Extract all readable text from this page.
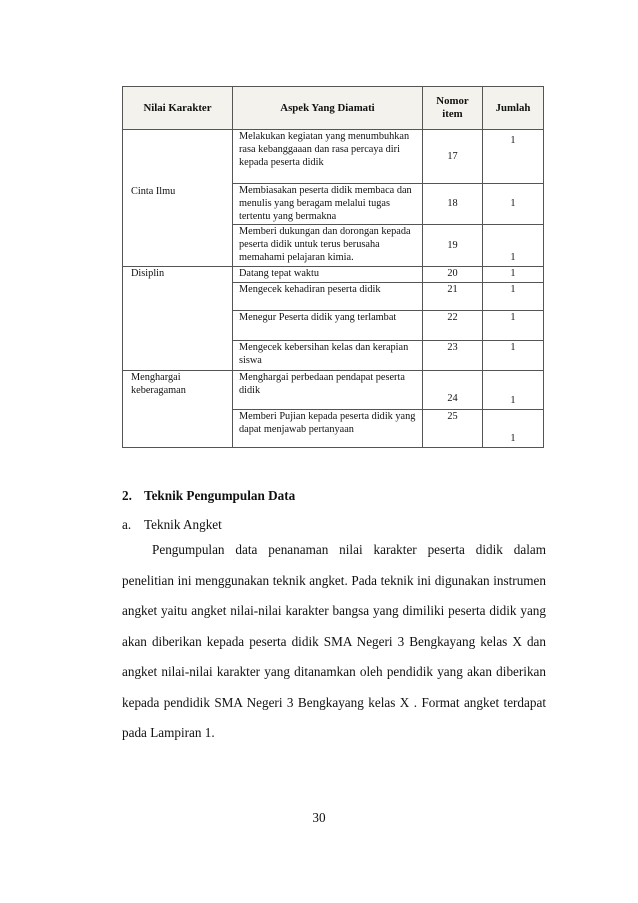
Nilai Karakter	Aspek Yang Diamati	Nomor item	Jumlah
	Melakukan kegiatan yang menumbuhkan rasa kebanggaaan dan rasa percaya diri kepada peserta didik	17	1
Cinta Ilmu	Membiasakan peserta didik membaca dan menulis yang beragam melalui tugas tertentu yang bermakna	18	1
	Memberi dukungan dan dorongan kepada peserta didik untuk terus berusaha memahami pelajaran kimia.	19	1
Disiplin	Datang tepat waktu	20	1
	Mengecek kehadiran peserta didik	21	1
	Menegur Peserta didik yang terlambat	22	1
	Mengecek kebersihan kelas dan kerapian siswa	23	1
Menghargai keberagaman	Menghargai perbedaan pendapat peserta didik	24	1
	Memberi Pujian kepada peserta didik yang dapat menjawab pertanyaan	25	1
2. Teknik Pengumpulan Data
a. Teknik Angket
Pengumpulan data penanaman nilai karakter peserta didik dalam
penelitian ini menggunakan teknik angket. Pada teknik ini digunakan instrumen
angket yaitu angket nilai-nilai karakter bangsa yang dimiliki peserta didik yang
akan diberikan kepada peserta didik SMA Negeri 3 Bengkayang kelas X dan
angket nilai-nilai karakter yang ditanamkan oleh pendidik yang akan diberikan
kepada pendidik SMA Negeri 3 Bengkayang kelas X . Format angket terdapat
pada Lampiran 1.
30
